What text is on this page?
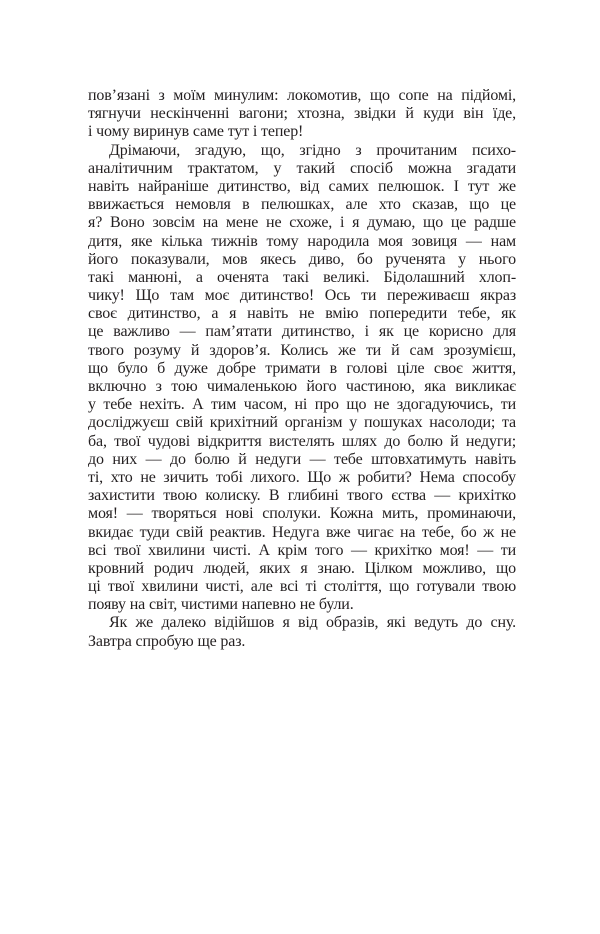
пов’язані з моїм минулим: локомотив, що сопе на підйомі,
тягнучи нескінченні вагони; хтозна, звідки й куди він їде,
і чому виринув саме тут і тепер!
Дрімаючи, згадую, що, згідно з прочитаним психо-
аналітичним трактатом, у такий спосіб можна згадати
навіть найраніше дитинство, від самих пелюшок. І тут же
ввижається немовля в пелюшках, але хто сказав, що це
я? Воно зовсім на мене не схоже, і я думаю, що це радше
дитя, яке кілька тижнів тому народила моя зовиця — нам
його показували, мов якесь диво, бо рученята у нього
такі манюні, а оченята такі великі. Бідолашний хлоп-
чику! Що там моє дитинство! Ось ти переживаєш якраз
своє дитинство, а я навіть не вмію попередити тебе, як
це важливо — пам’ятати дитинство, і як це корисно для
твого розуму й здоров’я. Колись же ти й сам зрозумієш,
що було б дуже добре тримати в голові ціле своє життя,
включно з тою чималенькою його частиною, яка викликає
у тебе нехіть. А тим часом, ні про що не здогадуючись, ти
досліджуєш свій крихітний організм у пошуках насолоди; та
ба, твої чудові відкриття вистелять шлях до болю й недуги;
до них — до болю й недуги — тебе штовхатимуть навіть
ті, хто не зичить тобі лихого. Що ж робити? Нема способу
захистити твою колиску. В глибині твого єства — крихітко
моя! — творяться нові сполуки. Кожна мить, проминаючи,
вкидає туди свій реактив. Недуга вже чигає на тебе, бо ж не
всі твої хвилини чисті. А крім того — крихітко моя! — ти
кровний родич людей, яких я знаю. Цілком можливо, що
ці твої хвилини чисті, але всі ті століття, що готували твою
появу на світ, чистими напевно не були.
Як же далеко відійшов я від образів, які ведуть до сну.
Завтра спробую ще раз.
